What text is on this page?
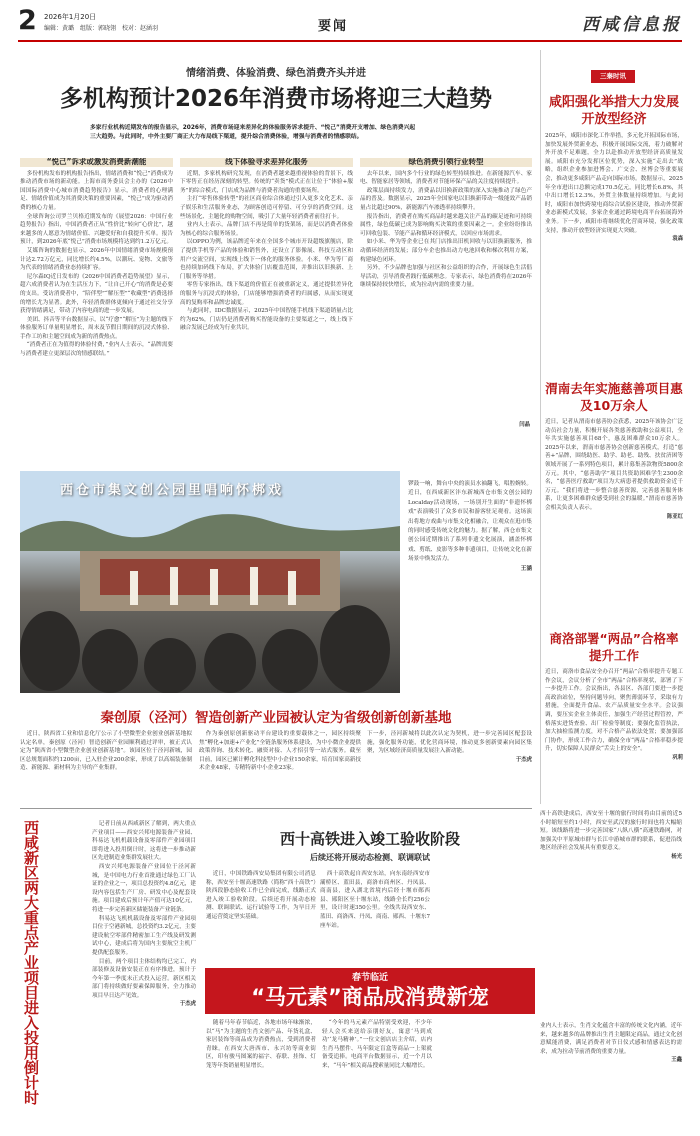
2 2026年1月20日
编辑：黄璐　组版：郭晓翎　校对：赵涵羽	要闻	西咸信息报
情绪消费、体验消费、绿色消费齐头并进
多机构预计2026年消费市场将迎三大趋势
多家行业机构近期发布的报告显示，2026年，消费市场迎来差异化的体验服务诉求提升、“悦己”消费开支增加、绿色消费兴起三大趋势。与此同时，中外主要厂商正大力布局线下渠道，提升综合消费体验，增强与消费者的情感联结。
“悦己”诉求或激发消费新潮能

多份机构发布的机构报告指出，情绪消费和“悦己”消费成为推动消费市场的新动能。上海市商务委员会主办的《2026中国国际消费中心城市消费趋势报告》显示，消费者的心理满足、情绪价值成为其消费决策的重要因素，“悦己”成为驱动消费的核心力量。

全球咨询公司罗兰贝格近期发布的《展望2026：中国行业趋势报告》指出，中国消费者正从“性价比”转向“心价比”，越来越多的人愿意为情绪价值、兴趣爱好和自我提升买单。报告预计，到2026年底“悦己”消费市场规模将达到约1.2万亿元。

艾媒咨询的数据也显示，2026年中国情绪消费市场规模预计达2.72万亿元，同比增长约4.5%，以潮玩、宠物、文旅等为代表的情绪消费业态持续扩容。

尼尔森IQ近日发布的《2026中国消费者趋势展望》显示，超六成消费者认为在生活压力下，“让自己开心”的消费是必要的支出。受访消费者中，“陪伴型”“解压型”“收藏型”消费选择的增长尤为显著。此外，年轻消费群体更倾向于通过社交分享获得情绪满足，带动了内容电商的进一步发展。

美团、抖音等平台数据显示，以“疗愈”“解压”为主题的线下体验服务订单量明显增长，周末及节假日期间的沉浸式体验、手作工坊和主题空间成为新的消费热点。

“消费者正在为值得的体验付费，”业内人士表示，“品牌需要与消费者建立更深层次的情感联结。”

线下体验寻求差异化服务

近期，多家机构研究发现，在消费者越来越重视体验的背景下，线下零售正在经历深刻的转型。传统的“卖货”模式正在让位于“体验+服务”的综合模式，门店成为品牌与消费者沟通的重要场所。

主打“零售体验转型”的社区商业综合体通过引入更多文化艺术、亲子娱乐和生活服务业态，为顾客创造可停留、可分享的消费空间。这些场景化、主题化的购物空间，吸引了大量年轻消费者前往打卡。

业内人士表示，品牌门店不再是简单的货架场，而是以消费者体验为核心的综合服务场景。

以OPPO为例，该品牌近年来在全国多个城市开设超级旗舰店，除了提供手机等产品的体验和销售外，还设立了影像展、科技互动区和用户交流空间，实现线上线下一体化的服务体验。小米、华为等厂商也持续加码线下布局，扩大体验门店覆盖范围，并推出以旧换新、上门服务等举措。

零售专家指出，线下渠道的价值正在被重新定义，通过提供差异化的服务与沉浸式的体验，门店能够增强消费者的归属感，从而实现更高的复购率和品牌忠诚度。

与此同时，IDC数据显示，2025年中国智能手机线下渠道销量占比约为62%，门店仍是消费者购买智能设备的主要渠道之一，线上线下融合发展已经成为行业共识。

绿色消费引领行业转型

去年以来，国内多个行业的绿色转型持续推进。在新能源汽车、家电、智能家居等领域，消费者对节能环保产品的关注度持续提升。

政策层面持续发力，消费品以旧换新政策的深入实施推动了绿色产品的普及。数据显示，2025年全国家电以旧换新带动一级能效产品销量占比超过90%，新能源汽车渗透率持续攀升。

报告指出，消费者在购买商品时越来越关注产品的碳足迹和可持续属性，绿色低碳已成为影响购买决策的重要因素之一。企业纷纷推出可回收包装、节能产品和循环经济模式，以回应市场需求。

如小米、华为等企业已在其门店推出旧机回收与以旧换新服务，推动循环经济的发展；部分车企也推出动力电池回收和梯次利用方案，构建绿色闭环。

另外，不少品牌也加强与社区和公益组织的合作，开展绿色生活倡导活动，引导消费者践行低碳理念。专家表示，绿色消费将在2026年继续保持较快增长，成为拉动内需的重要力量。

闫晶
西仓市集文创公园里唱响怀梆戏	锣鼓一响，舞台中央的演员水袖翻飞，唱腔婉转。近日，在西咸新区沣东新城西仓市集文创公园的Localday活动现场，一场别开生面的“非遗怀梆戏”表演吸引了众多市民和游客驻足观看。这场演出将地方戏曲与市集文化相融合，让观众在逛市集的同时感受传统文化的魅力。据了解，西仓市集文创公园近期推出了系列非遗文化展演，涵盖怀梆戏、剪纸、皮影等多种非遗项目，让传统文化在新场景中焕发活力。
王涵
秦创原（泾河）智造创新产业园被认定为省级创新创新基地
近日，陕西省工业和信息化厅公示了小型微型企业创业创新基地拟认定名单，秦创原（泾河）智造创新产业园顺利通过评审，被正式认定为“陕西省小型微型企业创业创新基地”。该园区位于泾河新城，园区总规划面积约1200亩，已入驻企业200余家，形成了以高端装备制造、新能源、新材料为主导的产业集群。
作为秦创原创新驱动平台建设的重要载体之一，园区持续聚焦“孵化+加速+产业化”全链条服务体系建设，为中小微企业提供政策咨询、技术转化、融资对接、人才招引等一站式服务。截至目前，园区已累计孵化科技型中小企业150余家，培育国家高新技术企业48家，专精特新中小企业23家。
下一步，泾河新城将以此次认定为契机，进一步完善园区配套设施，强化服务功能，优化营商环境，推动更多创新要素向园区集聚，为区域经济高质量发展注入新动能。
于杰虎
西咸新区两大重点产业项目进入投用倒计时	记者日前从西咸新区了解到，两大重点产业项目——西安兴邦电源装备产业园、科易达飞机机载设备及零部件产业园项目即将进入投用倒计时，这将进一步推动新区先进制造业集群发展壮大。

西安兴邦电源装备产业园位于泾河新城，是中国电力行业首批通过绿色工厂认证的企业之一，项目总投资约4.8亿元，建设内容包括生产厂房、研发中心及配套设施。项目建成后预计年产值可达10亿元，将进一步完善新区储能装备产业链条。

科易达飞机机载设备及零部件产业园项目位于空港新城，总投资约3.2亿元，主要建设航空零部件精密加工生产线及研发测试中心，建成后将为国内主要航空主机厂提供配套服务。

目前，两个项目主体结构均已完工，内部装修及设备安装正在有序推进，预计于今年第一季度末正式投入运营。新区相关部门将持续做好要素保障服务，全力推动项目早日达产见效。

于杰虎
西十高铁进入竣工验收阶段
后续还将开展动态检测、联调联试
近日，中国铁路西安局集团有限公司消息称，西安至十堰高速铁路（简称“西十高铁”）陕西段静态验收工作已全面完成，线路正式进入竣工验收阶段。后续还将开展动态检测、联调联试、运行试验等工作，为早日开通运营奠定坚实基础。
西十高铁起自西安东站，向东南经西安市灞桥区、蓝田县，商洛市商州区、丹凤县、商南县，进入湖北省境内后经十堰市郧西县、郧阳区至十堰东站，线路全长约256公里，设计时速350公里。全线共设西安东、蓝田、商洛西、丹凤、商南、郧西、十堰东7座车站。
西十高铁建成后，西安至十堰的旅行时间将由目前的近5小时缩短至约1小时，西安至武汉的旅行时间也将大幅缩短。该线路将进一步完善国家“八纵八横”高速铁路网，对加强关中平原城市群与长江中游城市群的联系，促进沿线地区经济社会发展具有重要意义。
杨光
春节临近
“马元素”商品成消费新宠
随着马年春节临近，各地市场年味渐浓，以“马”为主题的生肖文创产品、年货礼盒、家居装饰等商品成为消费热点，受到消费者青睐。在西安大唐西市、永兴坊等商业街区，印有骏马图案的福字、春联、挂饰、灯笼等年货销量明显增长。
“今年的马元素产品特别受欢迎，不少年轻人会买来送给亲朋好友，寓意‘马到成功’‘龙马精神’。”一位文创店店主介绍，店内生肖马摆件、马年限定盲盒等商品一上架就备受追捧。电商平台数据显示，近一个月以来，“马年”相关商品搜索量同比大幅增长。
业内人士表示，生肖文化蕴含丰富的传统文化内涵，近年来，越来越多的品牌推出生肖主题限定商品，通过文化创意赋能消费，满足消费者对节日仪式感和情感表达的需求，成为拉动节前消费的重要力量。
王鑫
三秦时讯
咸阳强化举措大力发展开放型经济
2025年，咸阳市深化工作举措，多元化开拓国际市场，加快发展外贸新业态，积极开展国际交流，着力破解对外开放不足难题，全力以赴推动开放型经济高质量发展。咸阳市充分发挥区位优势，深入实施“走出去”战略，组织企业参加进博会、广交会、丝博会等重要展会，推动更多咸阳产品走向国际市场。数据显示，2025年全市进出口总额完成170.5亿元，同比增长6.8%，其中出口增长12.3%，外贸主体数量持续增加。与此同时，咸阳市加快跨境电商综合试验区建设，推动外贸新业态新模式发展，多家企业通过跨境电商平台拓展海外业务。下一步，咸阳市将继续优化营商环境，强化政策支持，推动开放型经济实现更大突破。
袁森
渭南去年实施慈善项目惠及10万余人
近日，记者从渭南市慈善协会获悉，2025年该协会广泛动员社会力量，积极开展各类慈善救助和公益项目，全年共实施慈善项目68个，惠及困难群众10万余人。2025年以来，渭南市慈善协会创新慈善模式，打造“慈善+”品牌，围绕助医、助学、助老、助残、扶贫济困等领域开展了一系列特色项目，累计募集善款物资5800余万元。其中，“慈善助学”项目共资助困难学生2300余名，“慈善医疗救助”项目为大病患者提供救助资金近千万元。“我们将进一步整合慈善资源，完善慈善服务体系，让更多困难群众感受到社会的温暖。”渭南市慈善协会相关负责人表示。
陈亚红
商洛部署“两品”合格率提升工作
近日，商洛市食品安全办召开“两品”合格率提升专题工作会议，会议分析了全市“两品”合格率现状，部署了下一步提升工作。会议指出，各县区、各部门要进一步提高政治站位，坚持问题导向，聚焦薄弱环节，采取有力措施，全面提升食品、农产品质量安全水平。会议强调，要压实企业主体责任，加强生产经营过程管控，严格落实进货查验、出厂检验等制度；要强化监管执法，加大抽检监测力度，对不合格产品依法处置；要加强部门协作，形成工作合力，确保全市“两品”合格率稳步提升，切实保障人民群众“舌尖上的安全”。
巩莉
